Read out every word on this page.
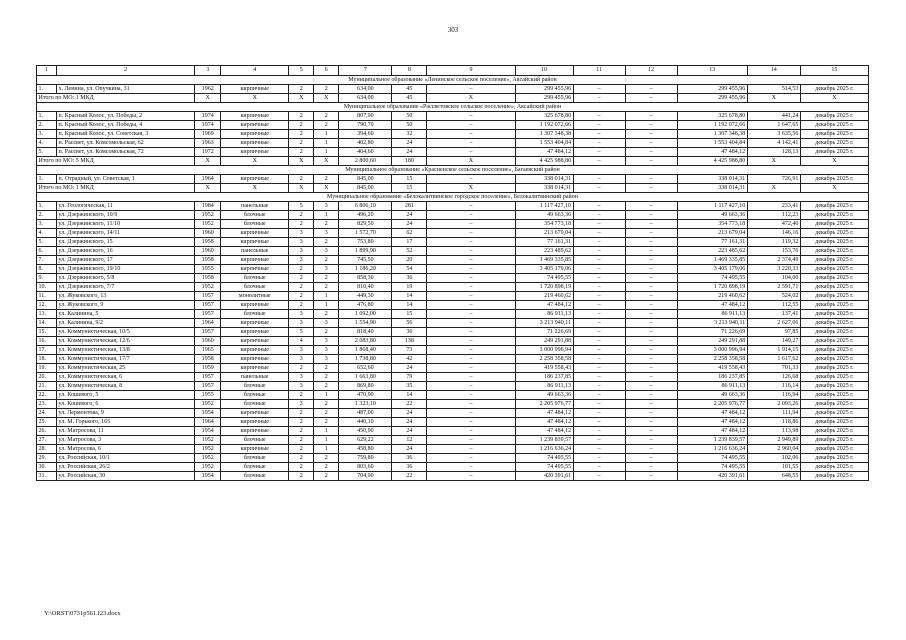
303
1	2	3	4	5	6	7	8	9	10	11	12	13	14	15
Муниципальное образование «Ленинское сельское поселение», Аксайский район														
1.	х. Ленина, ул. Onучкина, 31	1962	кирпичные	2	2	634,00	45	–	299 455,96	–	–	299 455,96	514,53	декабрь 2025 г.
Итого по МО: 1 МКД		X	X	X	X	634,00	45	X	299 455,96	–	–	299 455,96	X	X
Муниципальное образование «Рассветовское сельское поселение», Аксайский район														
1.	п. Красный Колос, ул. Победы, 2	1974	кирпичные	2	2	807,90	50	–	325 678,80	–	–	325 678,80	441,24	декабрь 2025 г.
2.	п. Красный Колос, ул. Победы, 4	1974	кирпичные	2	2	790,70	50	–	1 192 072,66	–	–	1 192 072,66	1 647,65	декабрь 2025 г.
3.	п. Красный Колос, ул. Советская, 3	1969	кирпичные	2	1	394,60	32	–	1 307 348,38	–	–	1 307 348,38	3 635,56	декабрь 2025 г.
4.	п. Рассвет, ул. Комсомольская, 62	1963	кирпичные	2	1	402,80	24	–	1 553 404,84	–	–	1 553 404,84	4 142,41	декабрь 2025 г.
5.	п. Рассвет, ул. Комсомольская, 72	1972	кирпичные	2	1	404,60	24	–	47 484,12	–	–	47 484,12	128,13	декабрь 2025 г.
Итого по МО: 5 МКД		X	X	X	X	2 800,60	180	X	4 425 988,80	–	–	4 425 988,80	X	X
Муниципальное образование «Красненское сельское поселение», Багаевский район														
1.	п. Отрадный, ул. Советская, 1	1964	кирпичные	2	2	845,00	15	–	338 014,31	–	–	338 014,31	726,91	декабрь 2025 г.
Итого по МО: 1 МКД		X	X	X	X	845,00	15	X	338 014,31	–	–	338 014,31	X	X
Муниципальное образование «Белокалитвинское городское поселение», Белокалитвинский район														
1.	ул. Геологическая, 11	1984	панельные	5	3	6 806,10	281	–	1 117 427,10	–	–	1 117 427,10	233,41	декабрь 2025 г.
2.	ул. Дзержинского, 10/9	1952	блочные	2	1	496,20	24	–	49 663,36	–	–	49 663,36	112,23	декабрь 2025 г.
3.	ул. Дзержинского, 11/10	1952	блочные	2	2	829,50	24	–	354 773,18	–	–	354 773,18	472,40	декабрь 2025 г.
4.	ул. Дзержинского, 14/11	1960	кирпичные	3	3	1 572,70	62	–	213 679,04	–	–	213 679,04	146,16	декабрь 2025 г.
5.	ул. Дзержинского, 15	1958	кирпичные	3	2	753,80	17	–	77 161,31	–	–	77 161,31	119,32	декабрь 2025 г.
6.	ул. Дзержинского, 16	1960	панельные	3	3	1 899,90	52	–	223 485,62	–	–	223 485,62	153,76	декабрь 2025 г.
7.	ул. Дзержинского, 17	1958	кирпичные	3	2	745,50	20	–	1 469 335,85	–	–	1 469 335,85	2 374,49	декабрь 2025 г.
8.	ул. Дзержинского, 19/10	1955	кирпичные	2	3	1 186,20	54	–	3 405 179,06	–	–	3 405 179,06	3 220,33	декабрь 2025 г.
9.	ул. Дзержинского, 5/8	1958	блочные	2	2	858,30	36	–	74 495,55	–	–	74 495,55	104,00	декабрь 2025 г.
10.	ул. Дзержинского, 7/7	1952	блочные	2	2	810,40	19	–	1 720 898,19	–	–	1 720 898,19	2 591,71	декабрь 2025 г.
11.	ул. Жуковского, 13	1957	монолитные	2	1	449,30	14	–	219 460,62	–	–	219 460,62	524,02	декабрь 2025 г.
12.	ул. Жуковского, 9	1957	кирпичные	2	1	476,80	14	–	47 484,12	–	–	47 484,12	112,55	декабрь 2025 г.
13.	ул. Калинина, 5	1957	блочные	3	2	1 092,00	15	–	86 911,13	–	–	86 911,13	137,41	декабрь 2025 г.
14.	ул. Калинина, 9/2	1964	кирпичные	3	3	1 554,90	56	–	3 213 940,11	–	–	3 213 940,11	2 627,06	декабрь 2025 г.
15.	ул. Коммунистическая, 10/5	1957	кирпичные	5	2	818,40	36	–	71 226,69	–	–	71 226,69	97,85	декабрь 2025 г.
16.	ул. Коммунистическая, 12/6	1960	кирпичные	4	3	2 083,80	138	–	249 291,88	–	–	249 291,88	149,27	декабрь 2025 г.
17.	ул. Коммунистическая, 13/8	1965	кирпичные	3	3	1 868,40	73	–	3 000 996,94	–	–	3 000 996,94	1 914,15	декабрь 2025 г.
18.	ул. Коммунистическая, 17/7	1958	кирпичные	3	3	1 738,80	42	–	2 258 358,58	–	–	2 258 358,58	1 617,62	декабрь 2025 г.
19.	ул. Коммунистическая, 25	1959	кирпичные	2	2	652,60	24	–	419 558,43	–	–	419 558,43	701,33	декабрь 2025 г.
20.	ул. Коммунистическая, 6	1957	панельные	3	2	1 663,80	79	–	186 237,85	–	–	186 237,85	126,68	декабрь 2025 г.
21.	ул. Коммунистическая, 8	1957	блочные	3	2	869,80	35	–	86 911,13	–	–	86 911,13	116,14	декабрь 2025 г.
22.	ул. Кошевого, 5	1955	блочные	2	1	470,90	14	–	49 663,36	–	–	49 663,36	116,94	декабрь 2025 г.
23.	ул. Кошевого, 6	1952	блочные	3	2	1 323,10	22	–	2 205 976,77	–	–	2 205 976,77	2 093,26	декабрь 2025 г.
24.	ул. Лермонтова, 9	1954	кирпичные	2	2	487,00	24	–	47 484,12	–	–	47 484,12	111,94	декабрь 2025 г.
25.	ул. М. Горького, 165	1964	кирпичные	2	2	440,10	24	–	47 484,12	–	–	47 484,12	118,86	декабрь 2025 г.
26.	ул. Матросова, 11	1954	кирпичные	2	1	450,90	24	–	47 484,12	–	–	47 484,12	113,98	декабрь 2025 г.
27.	ул. Матросова, 3	1952	блочные	2	1	629,22	12	–	1 239 839,57	–	–	1 239 839,57	2 949,89	декабрь 2025 г.
28.	ул. Матросова, 6	1952	кирпичные	2	1	458,80	24	–	1 216 636,24	–	–	1 216 636,24	2 960,04	декабрь 2025 г.
29.	ул. Российская, 10/1	1952	блочные	2	2	759,80	36	–	74 495,55	–	–	74 495,55	102,06	декабрь 2025 г.
30.	ул. Российская, 26/2	1952	блочные	2	2	803,60	36	–	74 495,55	–	–	74 495,55	101,55	декабрь 2025 г.
31.	ул. Российская, 30	1954	блочные	2	2	704,90	22	–	420 391,61	–	–	420 391,61	648,55	декабрь 2025 г.
Y:\ORST\0731p561.f23.docx
